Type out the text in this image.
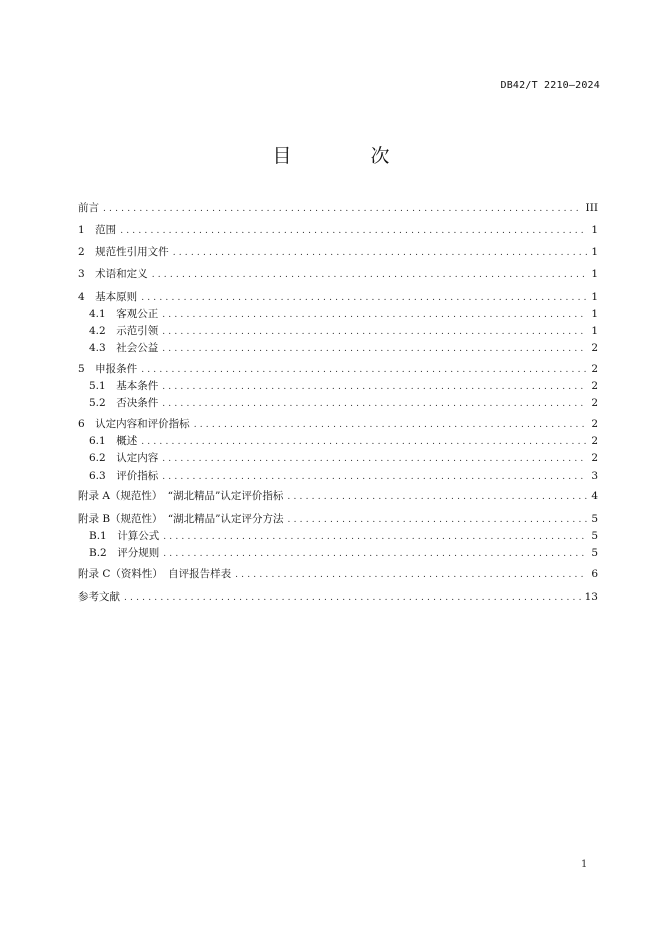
DB42/T 2210—2024
目　次
前言 .....	III
1　范围 .....	1
2　规范性引用文件 .....	1
3　术语和定义 .....	1
4　基本原则 .....	1
4.1　客观公正 .....	1
4.2　示范引领 .....	1
4.3　社会公益 .....	2
5　申报条件 .....	2
5.1　基本条件 .....	2
5.2　否决条件 .....	2
6　认定内容和评价指标 .....	2
6.1　概述 .....	2
6.2　认定内容 .....	2
6.3　评价指标 .....	3
附录 A（规范性）　“湖北精品”认定评价指标 .....	4
附录 B（规范性）　“湖北精品”认定评分方法 .....	5
B.1　计算公式 .....	5
B.2　评分规则 .....	5
附录 C（资料性）　自评报告样表 .....	6
参考文献 .....	13
1
